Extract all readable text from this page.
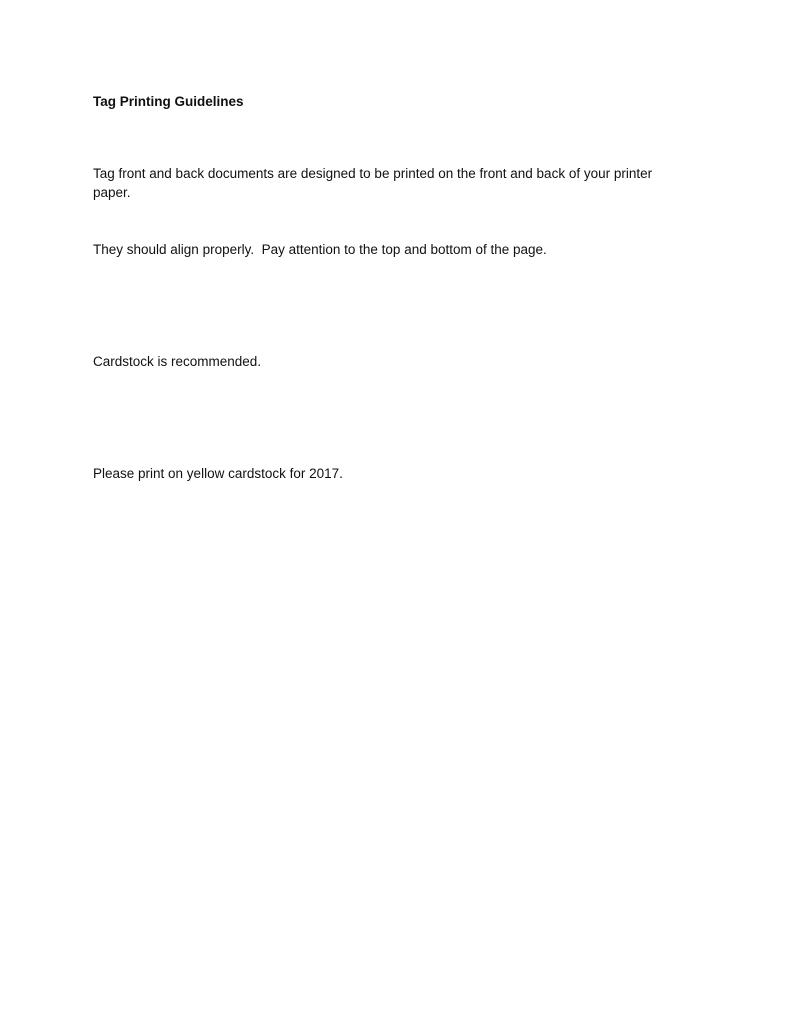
Tag Printing Guidelines

Tag front and back documents are designed to be printed on the front and back of your printer paper.

They should align properly.  Pay attention to the top and bottom of the page.

Cardstock is recommended.

Please print on yellow cardstock for 2017.
